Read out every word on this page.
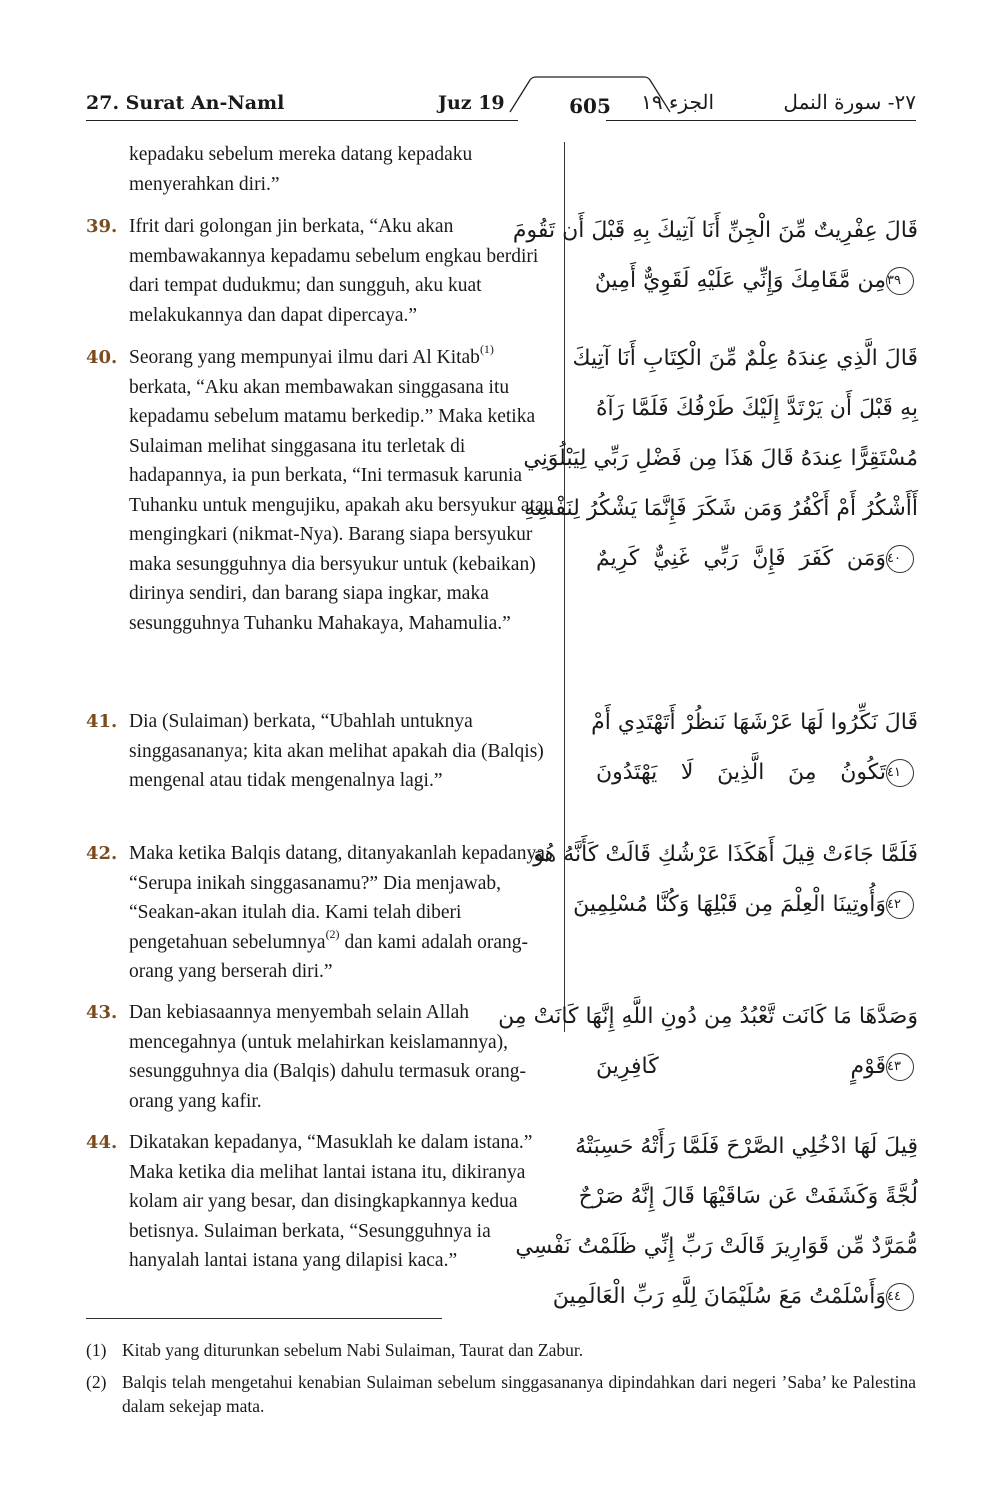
27. Surat An-Naml	Juz 19	605	الجزء ١٩	٢٧- سورة النمل
kepadaku sebelum mereka datang kepadaku menyerahkan diri.”
39. Ifrit dari golongan jin berkata, “Aku akan membawakannya kepadamu sebelum engkau berdiri dari tempat dudukmu; dan sungguh, aku kuat melakukannya dan dapat dipercaya.”
قَالَ عِفْرِيتٌ مِّنَ الْجِنِّ أَنَا آتِيكَ بِهِ قَبْلَ أَن تَقُومَ
٣٩مِن مَّقَامِكَ وَإِنِّي عَلَيْهِ لَقَوِيٌّ أَمِينٌ
40. Seorang yang mempunyai ilmu dari Al Kitab$^{(1)}$ berkata, “Aku akan membawakan singgasana itu kepadamu sebelum matamu berkedip.” Maka ketika Sulaiman melihat singgasana itu terletak di hadapannya, ia pun berkata, “Ini termasuk karunia Tuhanku untuk mengujiku, apakah aku bersyukur atau mengingkari (nikmat-Nya). Barang siapa bersyukur maka sesungguhnya dia bersyukur untuk (kebaikan) dirinya sendiri, dan barang siapa ingkar, maka sesungguhnya Tuhanku Mahakaya, Mahamulia.”
قَالَ الَّذِي عِندَهُ عِلْمٌ مِّنَ الْكِتَابِ أَنَا آتِيكَ
بِهِ قَبْلَ أَن يَرْتَدَّ إِلَيْكَ طَرْفُكَ فَلَمَّا رَآهُ
مُسْتَقِرًّا عِندَهُ قَالَ هَذَا مِن فَضْلِ رَبِّي لِيَبْلُوَنِي
أَأَشْكُرُ أَمْ أَكْفُرُ وَمَن شَكَرَ فَإِنَّمَا يَشْكُرُ لِنَفْسِهِ
٤٠وَمَن كَفَرَ فَإِنَّ رَبِّي غَنِيٌّ كَرِيمٌ
41. Dia (Sulaiman) berkata, “Ubahlah untuknya singgasananya; kita akan melihat apakah dia (Balqis) mengenal atau tidak mengenalnya lagi.”
قَالَ نَكِّرُوا لَهَا عَرْشَهَا نَنظُرْ أَتَهْتَدِي أَمْ
٤١تَكُونُ مِنَ الَّذِينَ لَا يَهْتَدُونَ
42. Maka ketika Balqis datang, ditanyakanlah kepadanya, “Serupa inikah singgasanamu?” Dia menjawab, “Seakan-akan itulah dia. Kami telah diberi pengetahuan sebelumnya$^{(2)}$ dan kami adalah orang-orang yang berserah diri.”
فَلَمَّا جَاءَتْ قِيلَ أَهَكَذَا عَرْشُكِ قَالَتْ كَأَنَّهُ هُوَ
٤٢وَأُوتِينَا الْعِلْمَ مِن قَبْلِهَا وَكُنَّا مُسْلِمِينَ
43. Dan kebiasaannya menyembah selain Allah mencegahnya (untuk melahirkan keislamannya), sesungguhnya dia (Balqis) dahulu termasuk orang-orang yang kafir.
وَصَدَّهَا مَا كَانَت تَّعْبُدُ مِن دُونِ اللَّهِ إِنَّهَا كَانَتْ مِن
٤٣قَوْمٍ كَافِرِينَ
44. Dikatakan kepadanya, “Masuklah ke dalam istana.” Maka ketika dia melihat lantai istana itu, dikiranya kolam air yang besar, dan disingkapkannya kedua betisnya. Sulaiman berkata, “Sesungguhnya ia hanyalah lantai istana yang dilapisi kaca.”
قِيلَ لَهَا ادْخُلِي الصَّرْحَ فَلَمَّا رَأَتْهُ حَسِبَتْهُ
لُجَّةً وَكَشَفَتْ عَن سَاقَيْهَا قَالَ إِنَّهُ صَرْحٌ
مُّمَرَّدٌ مِّن قَوَارِيرَ قَالَتْ رَبِّ إِنِّي ظَلَمْتُ نَفْسِي
٤٤وَأَسْلَمْتُ مَعَ سُلَيْمَانَ لِلَّهِ رَبِّ الْعَالَمِينَ
(1) Kitab yang diturunkan sebelum Nabi Sulaiman, Taurat dan Zabur.
(2) Balqis telah mengetahui kenabian Sulaiman sebelum singgasananya dipindahkan dari negeri ’Saba’ ke Palestina dalam sekejap mata.
